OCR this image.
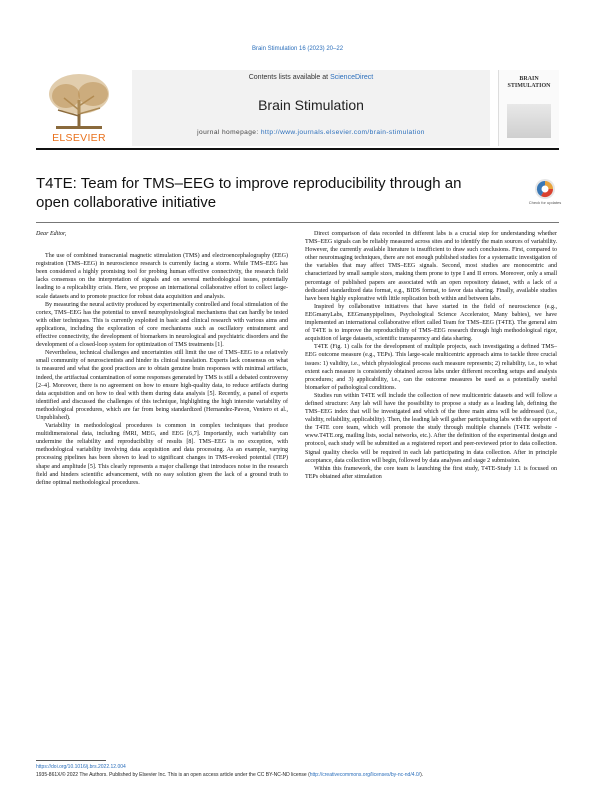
Brain Stimulation 16 (2023) 20–22
ELSEVIER
Contents lists available at ScienceDirect
Brain Stimulation
journal homepage: http://www.journals.elsevier.com/brain-stimulation
BRAIN STIMULATION
T4TE: Team for TMS–EEG to improve reproducibility through an open collaborative initiative	Check for updates

Dear Editor,

The use of combined transcranial magnetic stimulation (TMS) and electroencephalography (EEG) registration (TMS–EEG) in neuroscience research is currently facing a storm. While TMS–EEG has been considered a highly promising tool for probing human effective connectivity, the research field lacks consensus on the interpretation of signals and on several methodological issues, potentially leading to a replicability crisis. Here, we propose an international collaborative effort to collect large-scale datasets and to promote practice for robust data acquisition and analysis.

By measuring the neural activity produced by experimentally controlled and focal stimulation of the cortex, TMS–EEG has the potential to unveil neurophysiological mechanisms that can hardly be tested with other techniques. This is currently exploited in basic and clinical research with various aims and applications, including the exploration of core mechanisms such as oscillatory entrainment and effective connectivity, the development of biomarkers in neurological and psychiatric disorders and the development of a closed-loop system for optimization of TMS treatments [1].

Nevertheless, technical challenges and uncertainties still limit the use of TMS–EEG to a relatively small community of neuroscientists and hinder its clinical translation. Experts lack consensus on what is measured and what the good practices are to obtain genuine brain responses with minimal artifacts, indeed, the artifactual contamination of some responses generated by TMS is still a debated controversy [2–4]. Moreover, there is no agreement on how to ensure high-quality data, to reduce artifacts during data acquisition and on how to deal with them during data analysis [5]. Recently, a panel of experts identified and discussed the challenges of this technique, highlighting the high intersite variability of methodological procedures, which are far from being standardized (Hernandez-Pavon, Veniero et al., Unpublished).

Variability in methodological procedures is common in complex techniques that produce multidimensional data, including fMRI, MEG, and EEG [6,7]. Importantly, such variability can undermine the reliability and reproducibility of results [8]. TMS–EEG is no exception, with methodological variability involving data acquisition and data processing. As an example, varying processing pipelines has been shown to lead to significant changes in TMS-evoked potential (TEP) shape and amplitude [5]. This clearly represents a major challenge that introduces noise in the research field and hinders scientific advancement, with no easy solution given the lack of a ground truth to define optimal methodological procedures.

Direct comparison of data recorded in different labs is a crucial step for understanding whether TMS–EEG signals can be reliably measured across sites and to identify the main sources of variability. However, the currently available literature is insufficient to draw such conclusions. First, compared to other neuroimaging techniques, there are not enough published studies for a systematic investigation of the variables that may affect TMS–EEG signals. Second, most studies are monocentric and characterized by small sample sizes, making them prone to type I and II errors. Moreover, only a small percentage of published papers are associated with an open repository dataset, with a lack of a dedicated standardized data format, e.g., BIDS format, to favor data sharing. Finally, available studies have been highly explorative with little replication both within and between labs.

Inspired by collaborative initiatives that have started in the field of neuroscience (e.g., EEGmanyLabs, EEGmanypipelines, Psychological Science Accelerator, Many babies), we have implemented an international collaborative effort called Team for TMS–EEG (T4TE). The general aim of T4TE is to improve the reproducibility of TMS–EEG research through high methodological rigor, acquisition of large datasets, scientific transparency and data sharing.

T4TE (Fig. 1) calls for the development of multiple projects, each investigating a defined TMS–EEG outcome measure (e.g., TEPs). This large-scale multicentric approach aims to tackle three crucial issues: 1) validity, i.e., which physiological process each measure represents; 2) reliability, i.e., to what extent each measure is consistently obtained across labs under different recording setups and analysis procedures; and 3) applicability, i.e., can the outcome measures be used as a potentially useful biomarker of pathological conditions.

Studies run within T4TE will include the collection of new multicentric datasets and will follow a defined structure: Any lab will have the possibility to propose a study as a leading lab, defining the TMS–EEG index that will be investigated and which of the three main aims will be addressed (i.e., validity, reliability, applicability). Then, the leading lab will gather participating labs with the support of the T4TE core team, which will promote the study through multiple channels (T4TE website - www.T4TE.org, mailing lists, social networks, etc.). After the definition of the experimental design and protocol, each study will be submitted as a registered report and peer-reviewed prior to data collection. Signal quality checks will be required in each lab participating in data collection. After in principle acceptance, data collection will begin, followed by data analyses and stage 2 submission.

Within this framework, the core team is launching the first study, T4TE-Study 1.1 is focused on TEPs obtained after stimulation

https://doi.org/10.1016/j.brs.2022.12.004
1935-861X/© 2022 The Authors. Published by Elsevier Inc. This is an open access article under the CC BY-NC-ND license (http://creativecommons.org/licenses/by-nc-nd/4.0/).
